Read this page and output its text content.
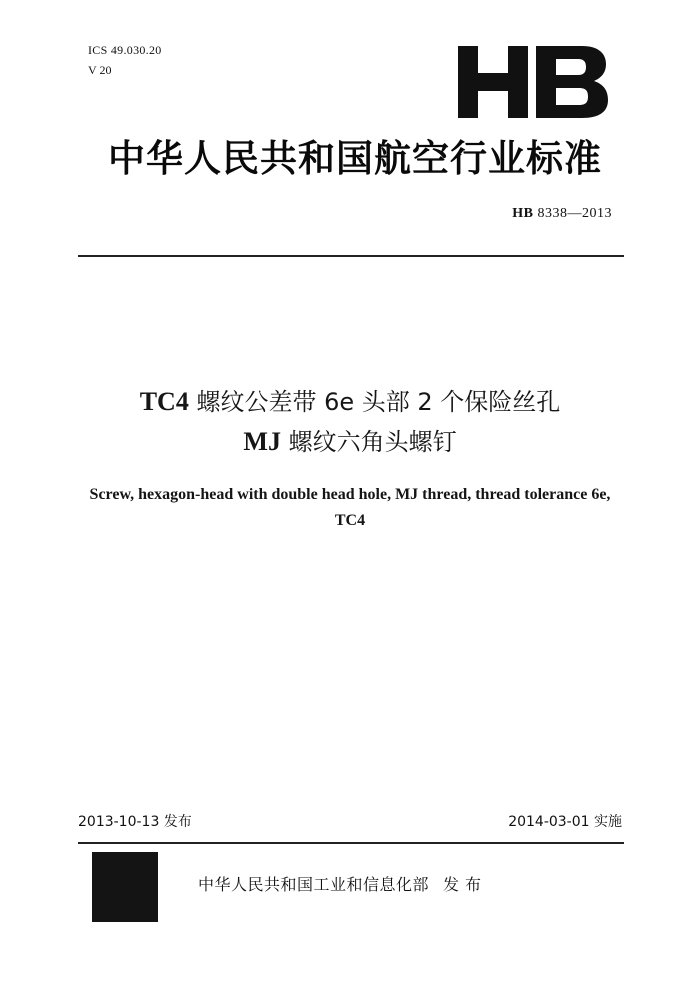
ICS 49.030.20
V 20
中华人民共和国航空行业标准
HB 8338—2013
TC4 螺纹公差带 6e 头部 2 个保险丝孔
MJ 螺纹六角头螺钉
Screw, hexagon-head with double head hole, MJ thread, thread tolerance 6e,
TC4
2013-10-13 发布	2014-03-01 实施
中华人民共和国工业和信息化部 发布
